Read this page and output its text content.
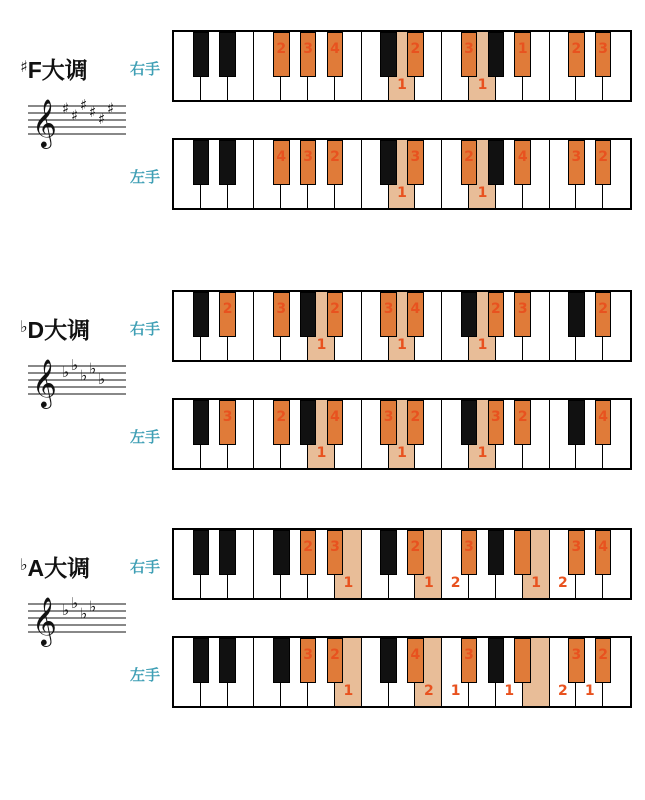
♯F大调
𝄞 ♯ ♯
♯ ♯ ♯
♯
右手
2 3 4	2	3	1	2 3
1	1
左手
4 3 2	3	2	4	3 2
1	1
♭D大调
𝄞 ♭ ♭
♭ ♭
♭
右手
2	3	2	3 4	2 3	2
1	1	1
左手
3	2	4	3 2	3 2	4
1	1	1
♭A大调
𝄞 ♭ ♭
♭ ♭
右手
2 3	2	3	3 4
1	1	2	1	2
左手
3 2	4	3	3 2
1	2	1	1	2	1
